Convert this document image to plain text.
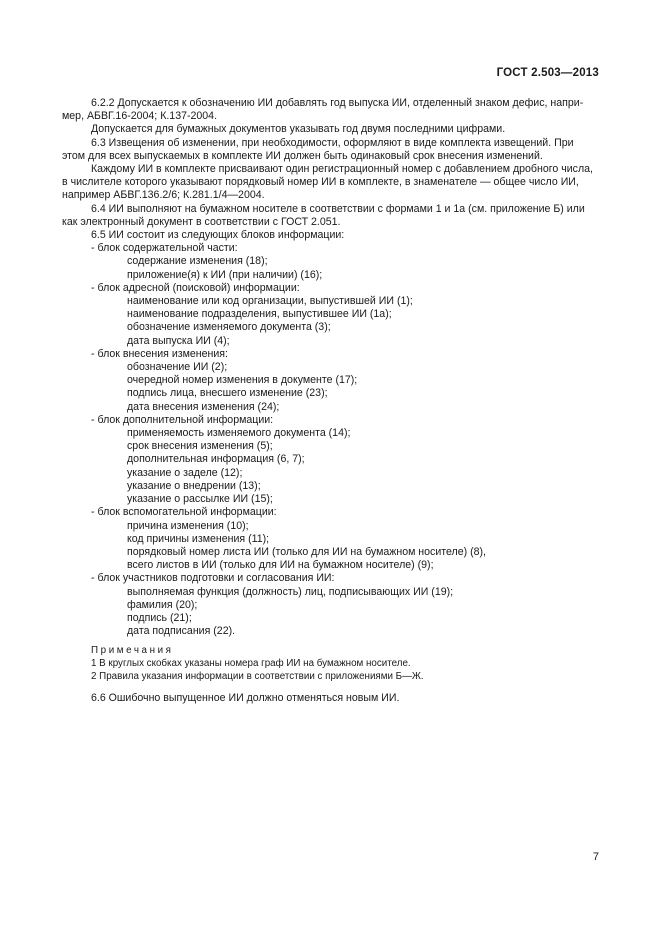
ГОСТ 2.503—2013

6.2.2 Допускается к обозначению ИИ добавлять год выпуска ИИ, отделенный знаком дефис, напри-

мер, АБВГ.16-2004; К.137-2004.

Допускается для бумажных документов указывать год двумя последними цифрами.

6.3 Извещения об изменении, при необходимости, оформляют в виде комплекта извещений. При

этом для всех выпускаемых в комплекте ИИ должен быть одинаковый срок внесения изменений.

Каждому ИИ в комплекте присваивают один регистрационный номер с добавлением дробного числа,

в числителе которого указывают порядковый номер ИИ в комплекте, в знаменателе — общее число ИИ,

например АБВГ.136.2/6; К.281.1/4—2004.

6.4 ИИ выполняют на бумажном носителе в соответствии с формами 1 и 1а (см. приложение Б) или

как электронный документ в соответствии с ГОСТ 2.051.

6.5 ИИ состоит из следующих блоков информации:

- блок содержательной части:

содержание изменения (18);

приложение(я) к ИИ (при наличии) (16);

- блок адресной (поисковой) информации:

наименование или код организации, выпустившей ИИ (1);

наименование подразделения, выпустившее ИИ (1а);

обозначение изменяемого документа (3);

дата выпуска ИИ (4);

- блок внесения изменения:

обозначение ИИ (2);

очередной номер изменения в документе (17);

подпись лица, внесшего изменение (23);

дата внесения изменения (24);

- блок дополнительной информации:

применяемость изменяемого документа (14);

срок внесения изменения (5);

дополнительная информация (6, 7);

указание о заделе (12);

указание о внедрении (13);

указание о рассылке ИИ (15);

- блок вспомогательной информации:

причина изменения (10);

код причины изменения (11);

порядковый номер листа ИИ (только для ИИ на бумажном носителе) (8),

всего листов в ИИ (только для ИИ на бумажном носителе) (9);

- блок участников подготовки и согласования ИИ:

выполняемая функция (должность) лиц, подписывающих ИИ (19);

фамилия (20);

подпись (21);

дата подписания (22).

Примечания
1 В круглых скобках указаны номера граф ИИ на бумажном носителе.
2 Правила указания информации в соответствии с приложениями Б—Ж.

6.6 Ошибочно выпущенное ИИ должно отменяться новым ИИ.

7
